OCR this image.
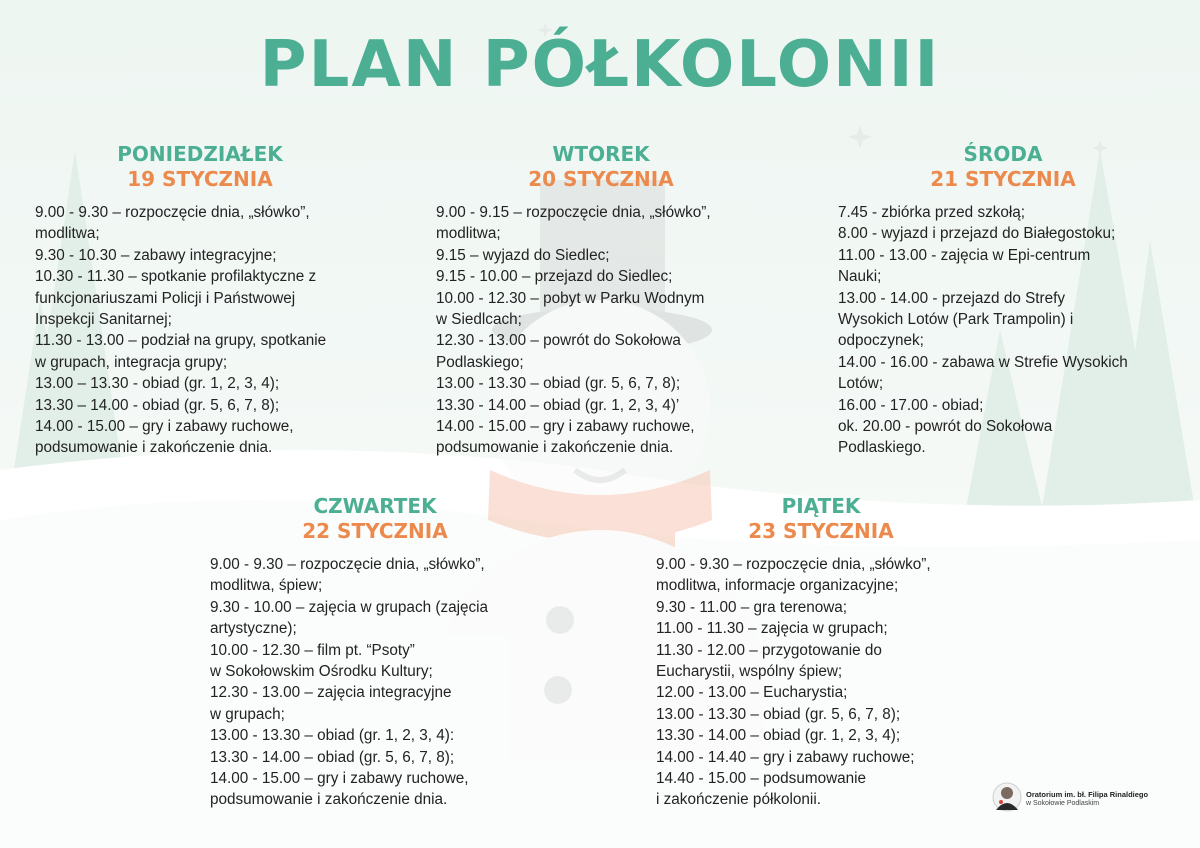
PLAN PÓŁKOLONII
PONIEDZIAŁEK
19 STYCZNIA
9.00 - 9.30 – rozpoczęcie dnia, „słówko”,
modlitwa;
9.30 - 10.30 – zabawy integracyjne;
10.30 - 11.30 – spotkanie profilaktyczne z
funkcjonariuszami Policji i Państwowej
Inspekcji Sanitarnej;
11.30 - 13.00 – podział na grupy, spotkanie
w grupach, integracja grupy;
13.00 – 13.30 - obiad (gr. 1, 2, 3, 4);
13.30 – 14.00 - obiad (gr. 5, 6, 7, 8);
14.00 - 15.00 – gry i zabawy ruchowe,
podsumowanie i zakończenie dnia.
WTOREK
20 STYCZNIA
9.00 - 9.15 – rozpoczęcie dnia, „słówko”,
modlitwa;
9.15 – wyjazd do Siedlec;
9.15 - 10.00 – przejazd do Siedlec;
10.00 - 12.30 – pobyt w Parku Wodnym
w Siedlcach;
12.30 - 13.00 – powrót do Sokołowa
Podlaskiego;
13.00 - 13.30 – obiad (gr. 5, 6, 7, 8);
13.30 - 14.00 – obiad (gr. 1, 2, 3, 4)’
14.00 - 15.00 – gry i zabawy ruchowe,
podsumowanie i zakończenie dnia.
ŚRODA
21 STYCZNIA
7.45 - zbiórka przed szkołą;
8.00 - wyjazd i przejazd do Białegostoku;
11.00 - 13.00 - zajęcia w Epi-centrum
Nauki;
13.00 - 14.00 - przejazd do Strefy
Wysokich Lotów (Park Trampolin) i
odpoczynek;
14.00 - 16.00 - zabawa w Strefie Wysokich
Lotów;
16.00 - 17.00 - obiad;
ok. 20.00 - powrót do Sokołowa
Podlaskiego.
CZWARTEK
22 STYCZNIA
9.00 - 9.30 – rozpoczęcie dnia, „słówko”,
modlitwa, śpiew;
9.30 - 10.00 – zajęcia w grupach (zajęcia
artystyczne);
10.00 - 12.30 – film pt. “Psoty”
w Sokołowskim Ośrodku Kultury;
12.30 - 13.00 – zajęcia integracyjne
w grupach;
13.00 - 13.30 – obiad (gr. 1, 2, 3, 4):
13.30 - 14.00 – obiad (gr. 5, 6, 7, 8);
14.00 - 15.00 – gry i zabawy ruchowe,
podsumowanie i zakończenie dnia.
PIĄTEK
23 STYCZNIA
9.00 - 9.30 – rozpoczęcie dnia, „słówko”,
modlitwa, informacje organizacyjne;
9.30 - 11.00 – gra terenowa;
11.00 - 11.30 – zajęcia w grupach;
11.30 - 12.00 – przygotowanie do
Eucharystii, wspólny śpiew;
12.00 - 13.00 – Eucharystia;
13.00 - 13.30 – obiad (gr. 5, 6, 7, 8);
13.30 - 14.00 – obiad (gr. 1, 2, 3, 4);
14.00 - 14.40 – gry i zabawy ruchowe;
14.40 - 15.00 – podsumowanie
i zakończenie półkolonii.	Oratorium im. bł. Filipa Rinaldiego
w Sokołowie Podlaskim
